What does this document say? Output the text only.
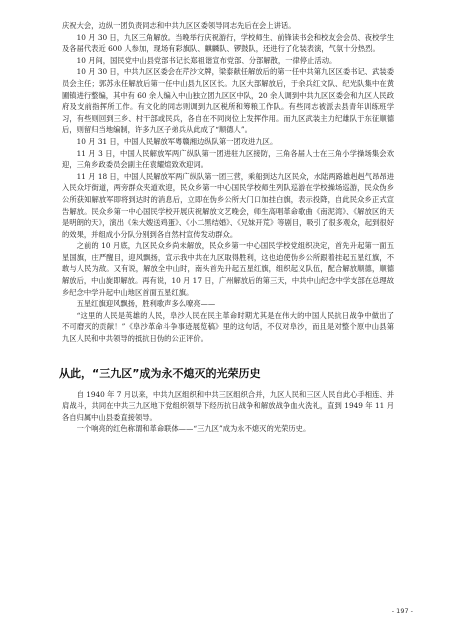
庆祝大会，边纵一团负责同志和中共九区区委领导同志先后在会上讲话。

10 月 30 日，九区三角解放。当晚举行庆祝游行，学校师生、前锋读书会和校友会会员、夜校学生及各届代表近 600 人参加，现场有彩旗队、麒麟队、锣鼓队，还进行了化装表演，气氛十分热烈。

10 月间，国民党中山县党部书记长郑祖谐宣布党部、分部解散，一律停止活动。

10 月 30 日，中共九区区委会在芹沙文牌，梁泰献任解放后的第一任中共第九区区委书记、武装委员会主任；郭苏永任解放后第一任中山县九区区长。九区大部解放后，于余兵红文队、纪光队集中在黄圃镇进行整编，其中有 60 余人编入中山独立团九区区中队，20 余人调到中共九区区委会和九区人民政府及支前指挥所工作。有文化的同志则调到九区税所和筹粮工作队。有些同志被派去县青年训练班学习，有些则回到三乡、村干部或民兵，各自在不同岗位上发挥作用。而九区武装主力纪雄队于东征顺德后，则留归当地编制，许多九区子弟兵从此成了“顺德人”。

10 月 31 日，中国人民解放军粤赣湘边纵队第一团攻进九区。

11 月 3 日，中国人民解放军两广纵队第一团进驻九区接防，三角各届人士在三角小学操场集会欢迎，三角乡政委员会副主任袁耀煊致欢迎词。

11 月 18 日，中国人民解放军两广纵队第一团三营，乘船到达九区民众，水陆两路雄赳赳气昂昂进入民众圩街道，两旁群众夹道欢迎，民众乡第一中心国民学校师生列队巡游在学校操场巡游，民众伪乡公所获知解放军即将到达时的消息后，立即在伪乡公所大门口加挂白旗，表示投降，自此民众乡正式宣告解放。民众乡第一中心国民学校开展庆祝解放文艺晚会，师生高唱革命歌曲《南泥湾》、《解放区的天是明朗的天》，演出《朱大嫂送鸡蛋》、《小二黑结婚》、《兄妹开荒》等剧目，吸引了很多观众，起到很好的效果，并组成小分队分别到各自然村宣传发动群众。

之前的 10 月底，九区民众乡尚未解放，民众乡第一中心国民学校党组织决定，首先升起第一面五星国旗，庄严醒目，迎风飘扬，宣示我中共在九区取得胜利，这也迫使伪乡公所跟着挂起五星红旗，不敢与人民为敌。又有说，解放全中山时，南头首先升起五星红旗，组织起义队伍，配合解放顺德，顺德解放后，中山旋即解放。再有说，10 月 17 日，广州解放后的第三天，中共中山纪念中学支部在总理故乡纪念中学升起中山地区首面五星红旗。

五星红旗迎风飘扬，胜利歌声多么嘹亮——

“这里的人民是英雄的人民，阜沙人民在民主革命时期尤其是在伟大的中国人民抗日战争中做出了不可磨灭的贡献！”《阜沙革命斗争事迹展览稿》里的这句话，不仅对阜沙，而且是对整个原中山县第九区人民和中共领导的抵抗日伪的公正评价。

从此，“三九区”成为永不熄灭的光荣历史

自 1940 年 7 月以来，中共九区组织和中共三区组织合并，九区人民和三区人民自此心手相连、并肩战斗，共同在中共三九区地下党组织领导下经历抗日战争和解放战争血火洗礼，直到 1949 年 11 月各自归属中山县委直接领导。

一个响亮的红色称谓和革命联体——“三九区”成为永不熄灭的光荣历史。

- 197 -
